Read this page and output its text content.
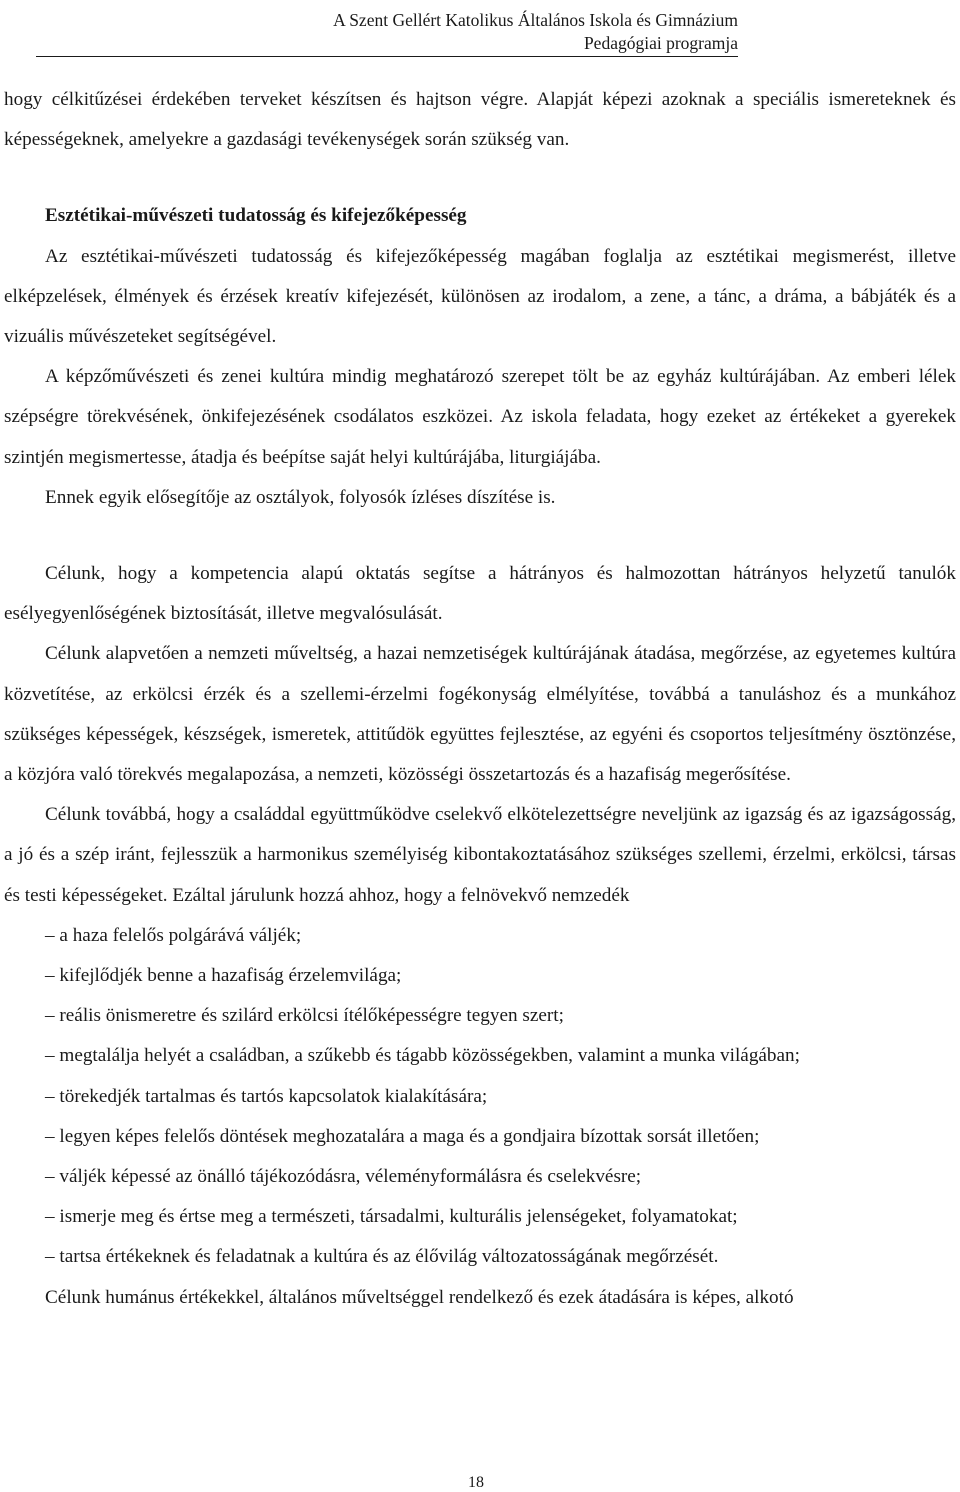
A Szent Gellért Katolikus Általános Iskola és Gimnázium
Pedagógiai programja

hogy célkitűzései érdekében terveket készítsen és hajtson végre. Alapját képezi azoknak a speciális ismereteknek és képességeknek, amelyekre a gazdasági tevékenységek során szükség van.

Esztétikai-művészeti tudatosság és kifejezőképesség

Az esztétikai-művészeti tudatosság és kifejezőképesség magában foglalja az esztétikai megismerést, illetve elképzelések, élmények és érzések kreatív kifejezését, különösen az irodalom, a zene, a tánc, a dráma, a bábjáték és a vizuális művészeteket segítségével.

A képzőművészeti és zenei kultúra mindig meghatározó szerepet tölt be az egyház kultúrájában. Az emberi lélek szépségre törekvésének, önkifejezésének csodálatos eszközei. Az iskola feladata, hogy ezeket az értékeket a gyerekek szintjén megismertesse, átadja és beépítse saját helyi kultúrájába, liturgiájába.

Ennek egyik elősegítője az osztályok, folyosók ízléses díszítése is.

Célunk, hogy a kompetencia alapú oktatás segítse a hátrányos és halmozottan hátrányos helyzetű tanulók esélyegyenlőségének biztosítását, illetve megvalósulását.

Célunk alapvetően a nemzeti műveltség, a hazai nemzetiségek kultúrájának átadása, megőrzése, az egyetemes kultúra közvetítése, az erkölcsi érzék és a szellemi-érzelmi fogékonyság elmélyítése, továbbá a tanuláshoz és a munkához szükséges képességek, készségek, ismeretek, attitűdök együttes fejlesztése, az egyéni és csoportos teljesítmény ösztönzése, a közjóra való törekvés megalapozása, a nemzeti, közösségi összetartozás és a hazafiság megerősítése.

Célunk továbbá, hogy a családdal együttműködve cselekvő elkötelezettségre neveljünk az igazság és az igazságosság, a jó és a szép iránt, fejlesszük a harmonikus személyiség kibontakoztatásához szükséges szellemi, érzelmi, erkölcsi, társas és testi képességeket. Ezáltal járulunk hozzá ahhoz, hogy a felnövekvő nemzedék

– a haza felelős polgárává váljék;

– kifejlődjék benne a hazafiság érzelemvilága;

– reális önismeretre és szilárd erkölcsi ítélőképességre tegyen szert;

– megtalálja helyét a családban, a szűkebb és tágabb közösségekben, valamint a munka világában;

– törekedjék tartalmas és tartós kapcsolatok kialakítására;

– legyen képes felelős döntések meghozatalára a maga és a gondjaira bízottak sorsát illetően;

– váljék képessé az önálló tájékozódásra, véleményformálásra és cselekvésre;

– ismerje meg és értse meg a természeti, társadalmi, kulturális jelenségeket, folyamatokat;

– tartsa értékeknek és feladatnak a kultúra és az élővilág változatosságának megőrzését.

Célunk humánus értékekkel, általános műveltséggel rendelkező és ezek átadására is képes, alkotó

18
